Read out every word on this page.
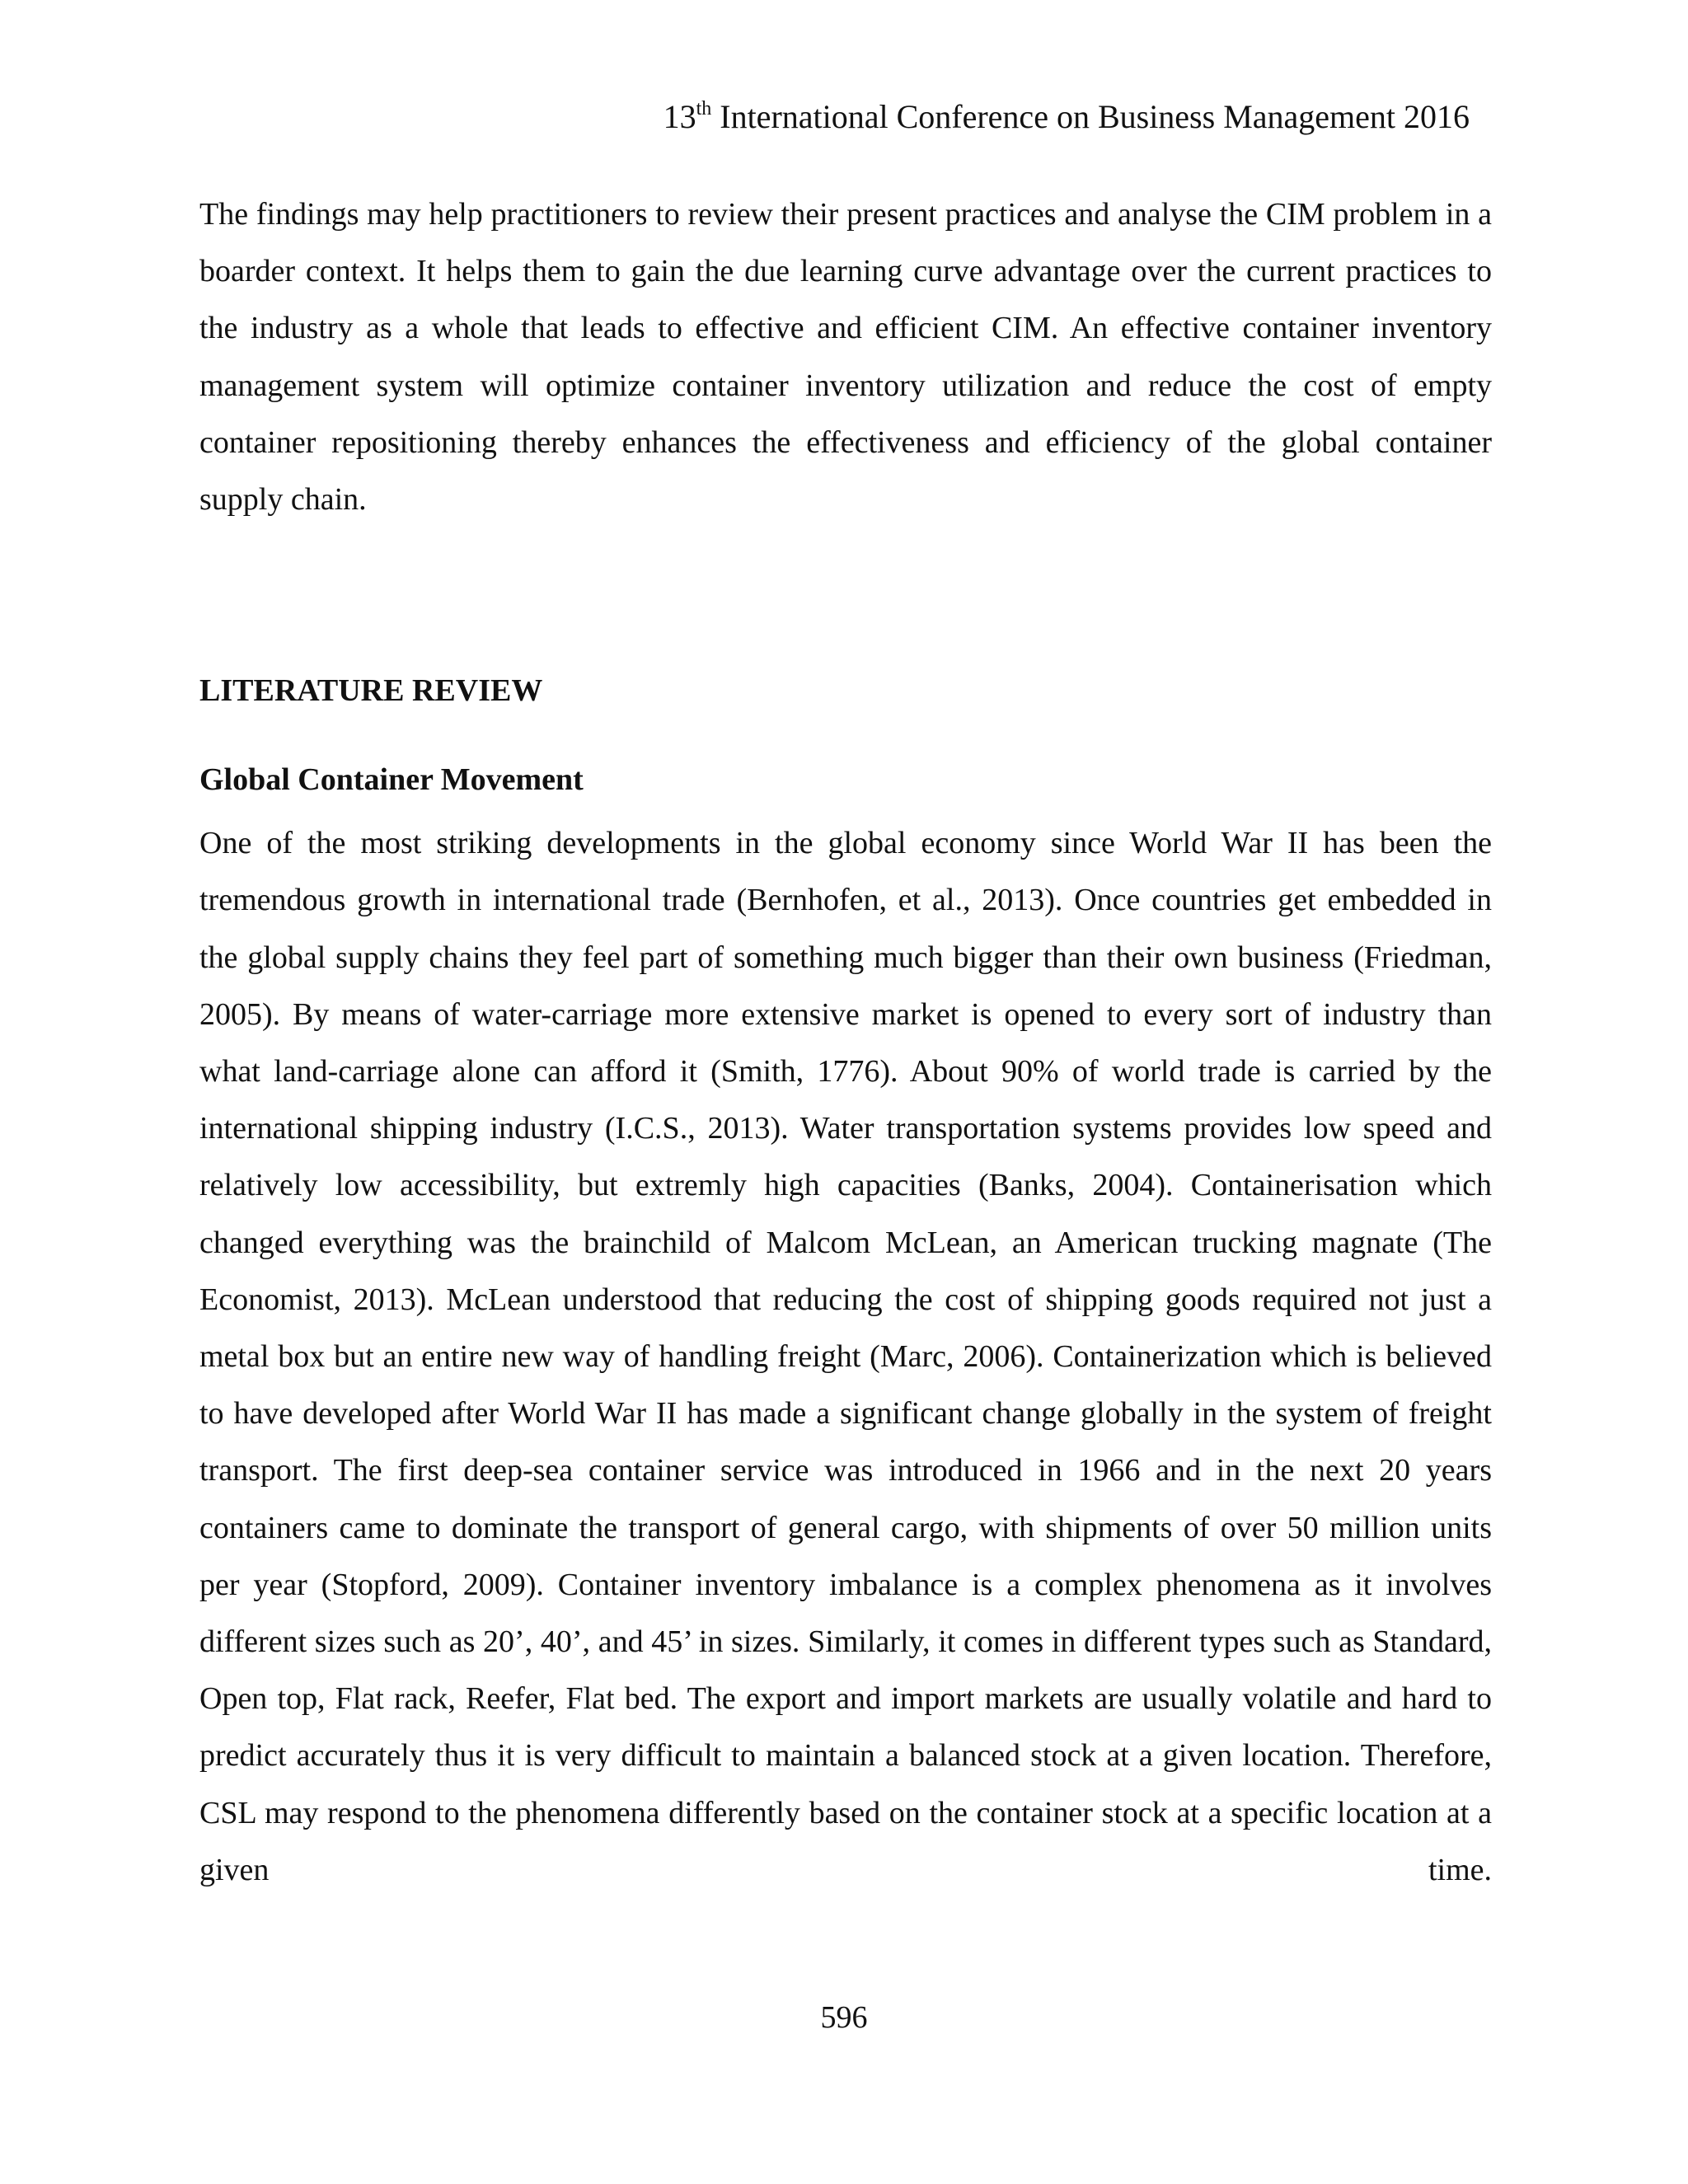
13th International Conference on Business Management 2016

The findings may help practitioners to review their present practices and analyse the CIM problem in a boarder context. It helps them to gain the due learning curve advantage over the current practices to the industry as a whole that leads to effective and efficient CIM. An effective container inventory management system will optimize container inventory utilization and reduce the cost of empty container repositioning thereby enhances the effectiveness and efficiency of the global container supply chain.

LITERATURE REVIEW
Global Container Movement

One of the most striking developments in the global economy since World War II has been the tremendous growth in international trade (Bernhofen, et al., 2013). Once countries get embedded in the global supply chains they feel part of something much bigger than their own business (Friedman, 2005). By means of water-carriage more extensive market is opened to every sort of industry than what land-carriage alone can afford it (Smith, 1776). About 90% of world trade is carried by the international shipping industry (I.C.S., 2013). Water transportation systems provides low speed and relatively low accessibility, but extremly high capacities (Banks, 2004). Containerisation which changed everything was the brainchild of Malcom McLean, an American trucking magnate (The Economist, 2013). McLean understood that reducing the cost of shipping goods required not just a metal box but an entire new way of handling freight (Marc, 2006). Containerization which is believed to have developed after World War II has made a significant change globally in the system of freight transport. The first deep-sea container service was introduced in 1966 and in the next 20 years containers came to dominate the transport of general cargo, with shipments of over 50 million units per year (Stopford, 2009). Container inventory imbalance is a complex phenomena as it involves different sizes such as 20’, 40’, and 45’ in sizes. Similarly, it comes in different types such as Standard, Open top, Flat rack, Reefer, Flat bed. The export and import markets are usually volatile and hard to predict accurately thus it is very difficult to maintain a balanced stock at a given location. Therefore, CSL may respond to the phenomena differently based on the container stock at a specific location at a given time.

596
